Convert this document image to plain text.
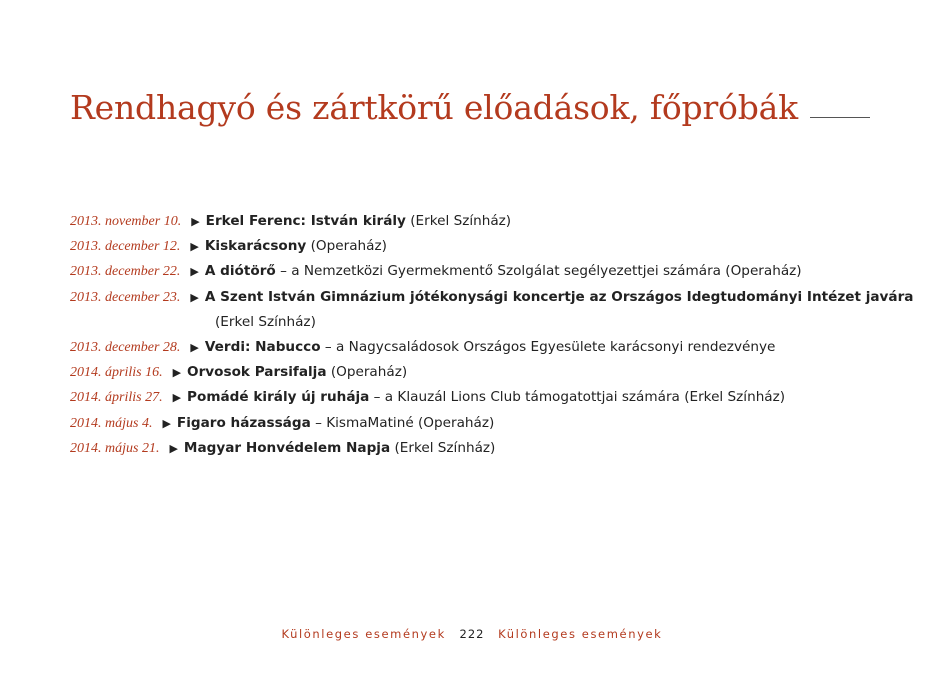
Rendhagyó és zártkörű előadások, főpróbák
2013. november 10. ▶ Erkel Ferenc: István király (Erkel Színház)
2013. december 12. ▶ Kiskarácsony (Operaház)
2013. december 22. ▶ A diótörő – a Nemzetközi Gyermekmentő Szolgálat segélyezettjei számára (Operaház)
2013. december 23. ▶ A Szent István Gimnázium jótékonysági koncertje az Országos Idegtudományi Intézet javára
(Erkel Színház)
2013. december 28. ▶ Verdi: Nabucco – a Nagycsaládosok Országos Egyesülete karácsonyi rendezvénye
2014. április 16. ▶ Orvosok Parsifalja (Operaház)
2014. április 27. ▶ Pomádé király új ruhája – a Klauzál Lions Club támogatottjai számára (Erkel Színház)
2014. május 4. ▶ Figaro házassága – KismaMatiné (Operaház)
2014. május 21. ▶ Magyar Honvédelem Napja (Erkel Színház)
Különleges események 222 Különleges események
